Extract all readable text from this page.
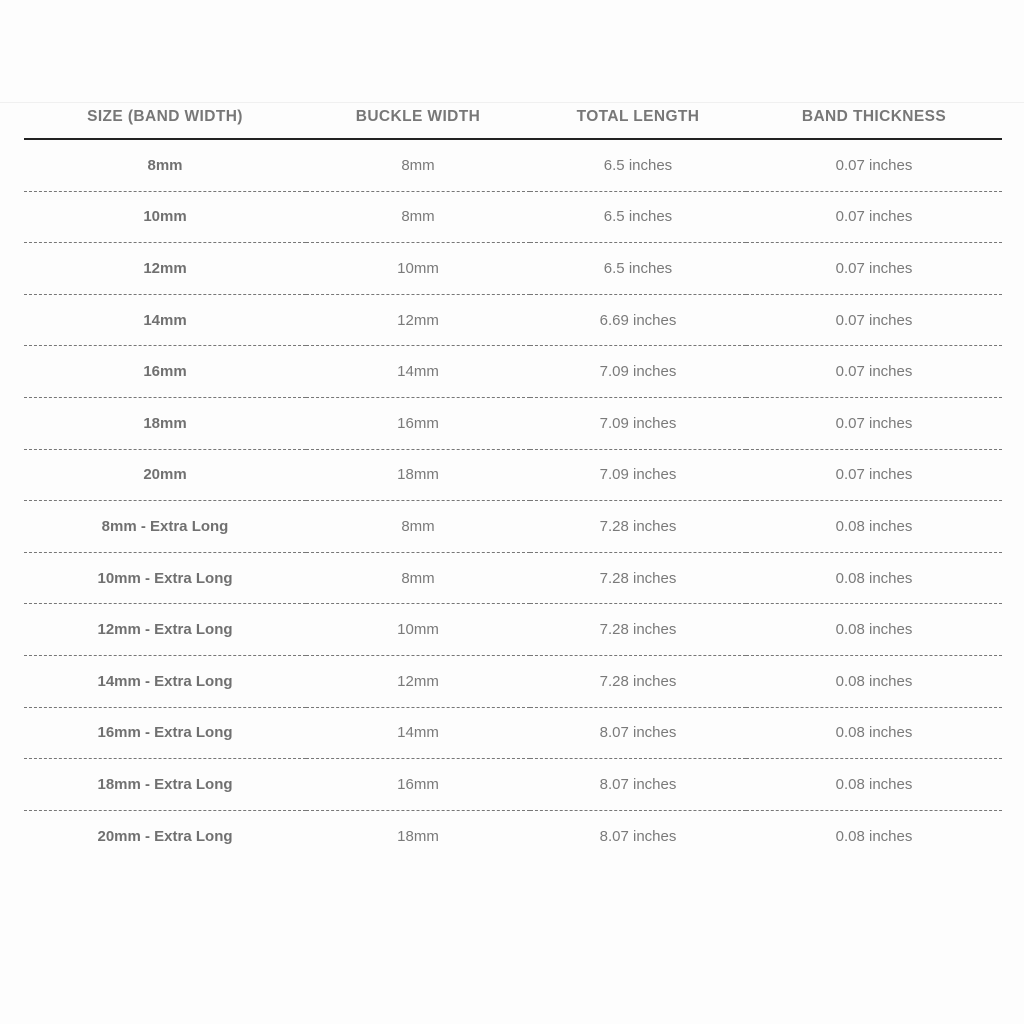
SIZE (BAND WIDTH)	BUCKLE WIDTH	TOTAL LENGTH	BAND THICKNESS
8mm	8mm	6.5 inches	0.07 inches
10mm	8mm	6.5 inches	0.07 inches
12mm	10mm	6.5 inches	0.07 inches
14mm	12mm	6.69 inches	0.07 inches
16mm	14mm	7.09 inches	0.07 inches
18mm	16mm	7.09 inches	0.07 inches
20mm	18mm	7.09 inches	0.07 inches
8mm - Extra Long	8mm	7.28 inches	0.08 inches
10mm - Extra Long	8mm	7.28 inches	0.08 inches
12mm - Extra Long	10mm	7.28 inches	0.08 inches
14mm - Extra Long	12mm	7.28 inches	0.08 inches
16mm - Extra Long	14mm	8.07 inches	0.08 inches
18mm - Extra Long	16mm	8.07 inches	0.08 inches
20mm - Extra Long	18mm	8.07 inches	0.08 inches
